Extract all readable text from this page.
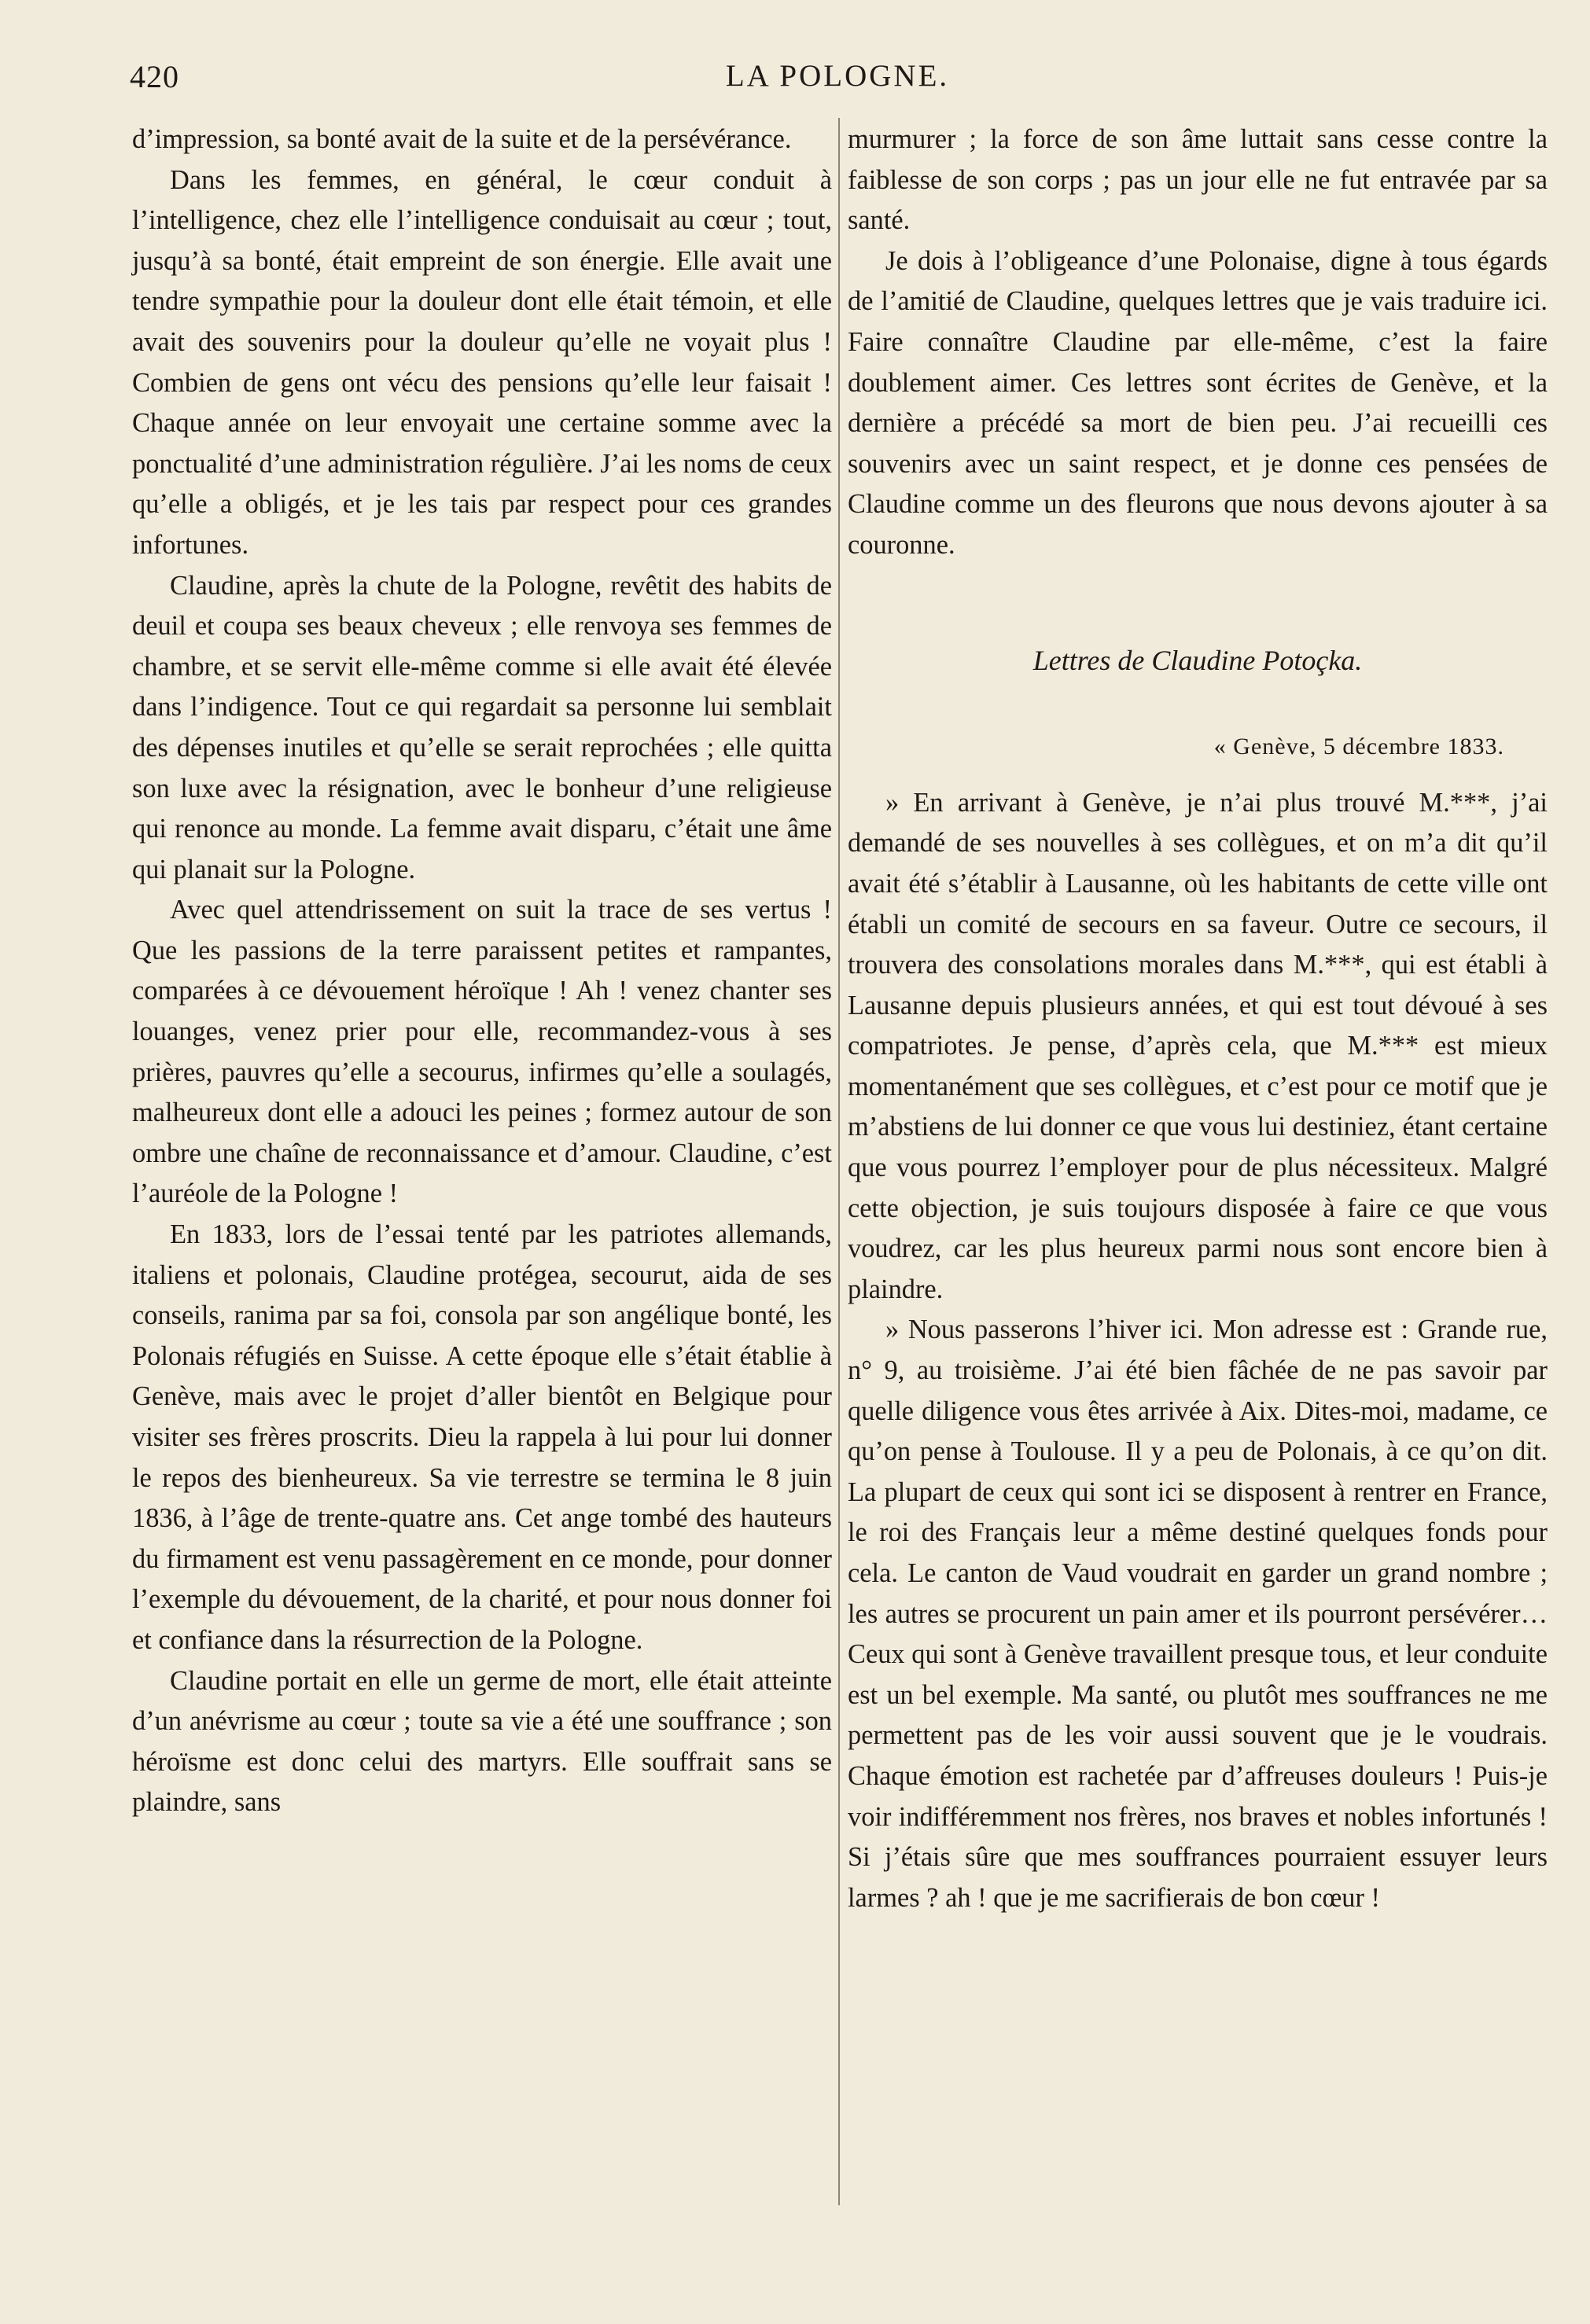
420	LA POLOGNE.

d’impression, sa bonté avait de la suite et de la persévérance.

Dans les femmes, en général, le cœur conduit à l’intelligence, chez elle l’intelligence conduisait au cœur ; tout, jusqu’à sa bonté, était empreint de son énergie. Elle avait une tendre sympathie pour la douleur dont elle était témoin, et elle avait des souvenirs pour la douleur qu’elle ne voyait plus ! Combien de gens ont vécu des pensions qu’elle leur faisait ! Chaque année on leur envoyait une certaine somme avec la ponctualité d’une administration régulière. J’ai les noms de ceux qu’elle a obligés, et je les tais par respect pour ces grandes infortunes.

Claudine, après la chute de la Pologne, revêtit des habits de deuil et coupa ses beaux cheveux ; elle renvoya ses femmes de chambre, et se servit elle-même comme si elle avait été élevée dans l’indigence. Tout ce qui regardait sa personne lui semblait des dépenses inutiles et qu’elle se serait reprochées ; elle quitta son luxe avec la résignation, avec le bonheur d’une religieuse qui renonce au monde. La femme avait disparu, c’était une âme qui planait sur la Pologne.

Avec quel attendrissement on suit la trace de ses vertus ! Que les passions de la terre paraissent petites et rampantes, comparées à ce dévouement héroïque ! Ah ! venez chanter ses louanges, venez prier pour elle, recommandez-vous à ses prières, pauvres qu’elle a secourus, infirmes qu’elle a soulagés, malheureux dont elle a adouci les peines ; formez autour de son ombre une chaîne de reconnaissance et d’amour. Claudine, c’est l’auréole de la Pologne !

En 1833, lors de l’essai tenté par les patriotes allemands, italiens et polonais, Claudine protégea, secourut, aida de ses conseils, ranima par sa foi, consola par son angélique bonté, les Polonais réfugiés en Suisse. A cette époque elle s’était établie à Genève, mais avec le projet d’aller bientôt en Belgique pour visiter ses frères proscrits. Dieu la rappela à lui pour lui donner le repos des bienheureux. Sa vie terrestre se termina le 8 juin 1836, à l’âge de trente-quatre ans. Cet ange tombé des hauteurs du firmament est venu passagèrement en ce monde, pour donner l’exemple du dévouement, de la charité, et pour nous donner foi et confiance dans la résurrection de la Pologne.

Claudine portait en elle un germe de mort, elle était atteinte d’un anévrisme au cœur ; toute sa vie a été une souffrance ; son héroïsme est donc celui des martyrs. Elle souffrait sans se plaindre, sans

murmurer ; la force de son âme luttait sans cesse contre la faiblesse de son corps ; pas un jour elle ne fut entravée par sa santé.

Je dois à l’obligeance d’une Polonaise, digne à tous égards de l’amitié de Claudine, quelques lettres que je vais traduire ici. Faire connaître Claudine par elle-même, c’est la faire doublement aimer. Ces lettres sont écrites de Genève, et la dernière a précédé sa mort de bien peu. J’ai recueilli ces souvenirs avec un saint respect, et je donne ces pensées de Claudine comme un des fleurons que nous devons ajouter à sa couronne.

Lettres de Claudine Potoçka.

« Genève, 5 décembre 1833.

» En arrivant à Genève, je n’ai plus trouvé M.***, j’ai demandé de ses nouvelles à ses collègues, et on m’a dit qu’il avait été s’établir à Lausanne, où les habitants de cette ville ont établi un comité de secours en sa faveur. Outre ce secours, il trouvera des consolations morales dans M.***, qui est établi à Lausanne depuis plusieurs années, et qui est tout dévoué à ses compatriotes. Je pense, d’après cela, que M.*** est mieux momentanément que ses collègues, et c’est pour ce motif que je m’abstiens de lui donner ce que vous lui destiniez, étant certaine que vous pourrez l’employer pour de plus nécessiteux. Malgré cette objection, je suis toujours disposée à faire ce que vous voudrez, car les plus heureux parmi nous sont encore bien à plaindre.

» Nous passerons l’hiver ici. Mon adresse est : Grande rue, n° 9, au troisième. J’ai été bien fâchée de ne pas savoir par quelle diligence vous êtes arrivée à Aix. Dites-moi, madame, ce qu’on pense à Toulouse. Il y a peu de Polonais, à ce qu’on dit. La plupart de ceux qui sont ici se disposent à rentrer en France, le roi des Français leur a même destiné quelques fonds pour cela. Le canton de Vaud voudrait en garder un grand nombre ; les autres se procurent un pain amer et ils pourront persévérer… Ceux qui sont à Genève travaillent presque tous, et leur conduite est un bel exemple. Ma santé, ou plutôt mes souffrances ne me permettent pas de les voir aussi souvent que je le voudrais. Chaque émotion est rachetée par d’affreuses douleurs ! Puis-je voir indifféremment nos frères, nos braves et nobles infortunés ! Si j’étais sûre que mes souffrances pourraient essuyer leurs larmes ? ah ! que je me sacrifierais de bon cœur !
